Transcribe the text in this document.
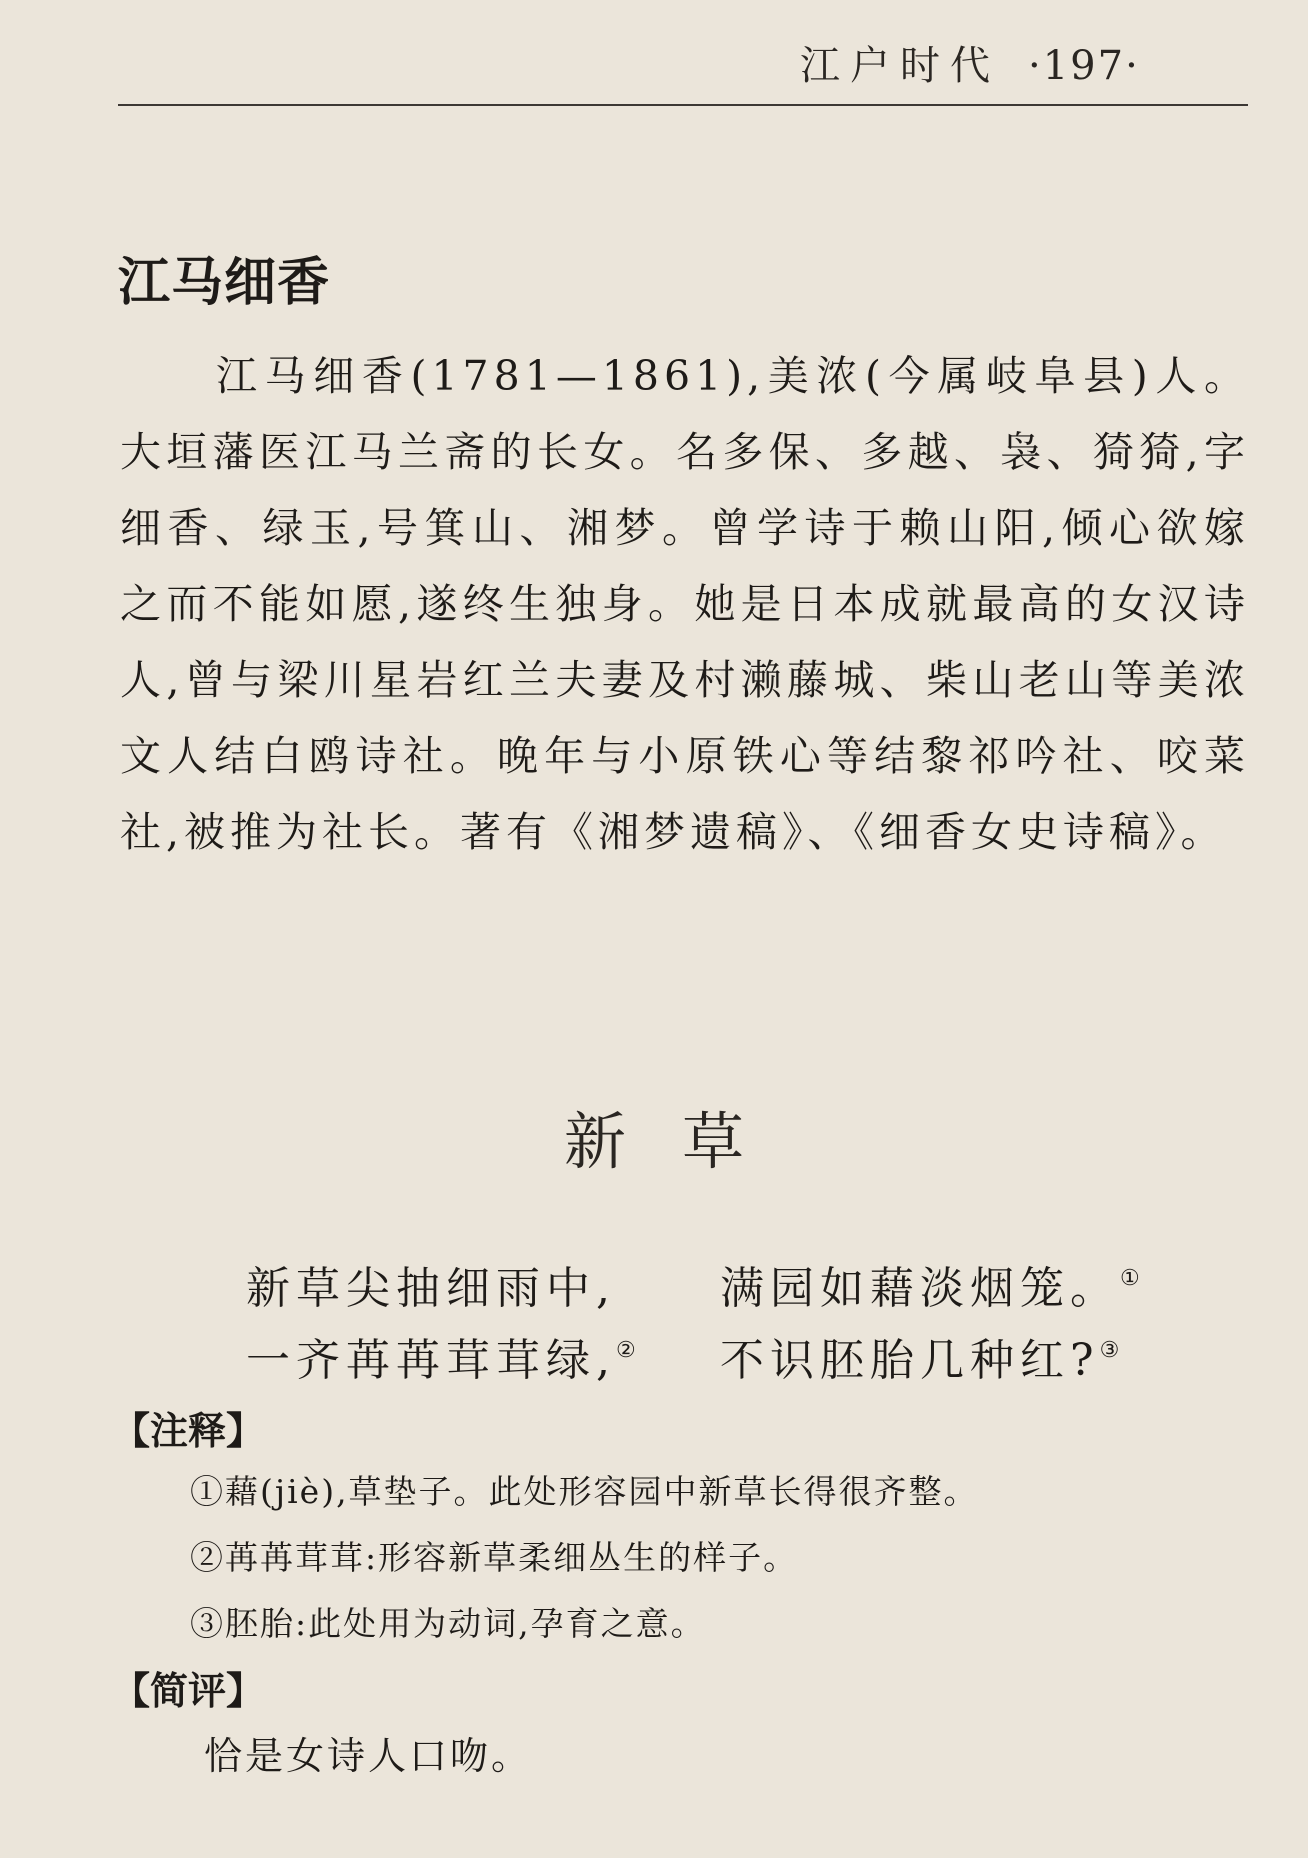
江户时代 ·197·
江马细香

江马细香(1781—1861),美浓(今属岐阜县)人。大垣藩医江马兰斋的长女。名多保、多越、袅、猗猗,字细香、绿玉,号箕山、湘梦。曾学诗于赖山阳,倾心欲嫁之而不能如愿,遂终生独身。她是日本成就最高的女汉诗人,曾与梁川星岩红兰夫妻及村濑藤城、柴山老山等美浓文人结白鸥诗社。晚年与小原铁心等结黎祁吟社、咬菜社,被推为社长。著有《湘梦遗稿》、《细香女史诗稿》。

新草
新草尖抽细雨中, 满园如藉淡烟笼。①
一齐苒苒茸茸绿,② 不识胚胎几种红?③
【注释】
①藉(jiè),草垫子。此处形容园中新草长得很齐整。
②苒苒茸茸:形容新草柔细丛生的样子。
③胚胎:此处用为动词,孕育之意。
【简评】
恰是女诗人口吻。
